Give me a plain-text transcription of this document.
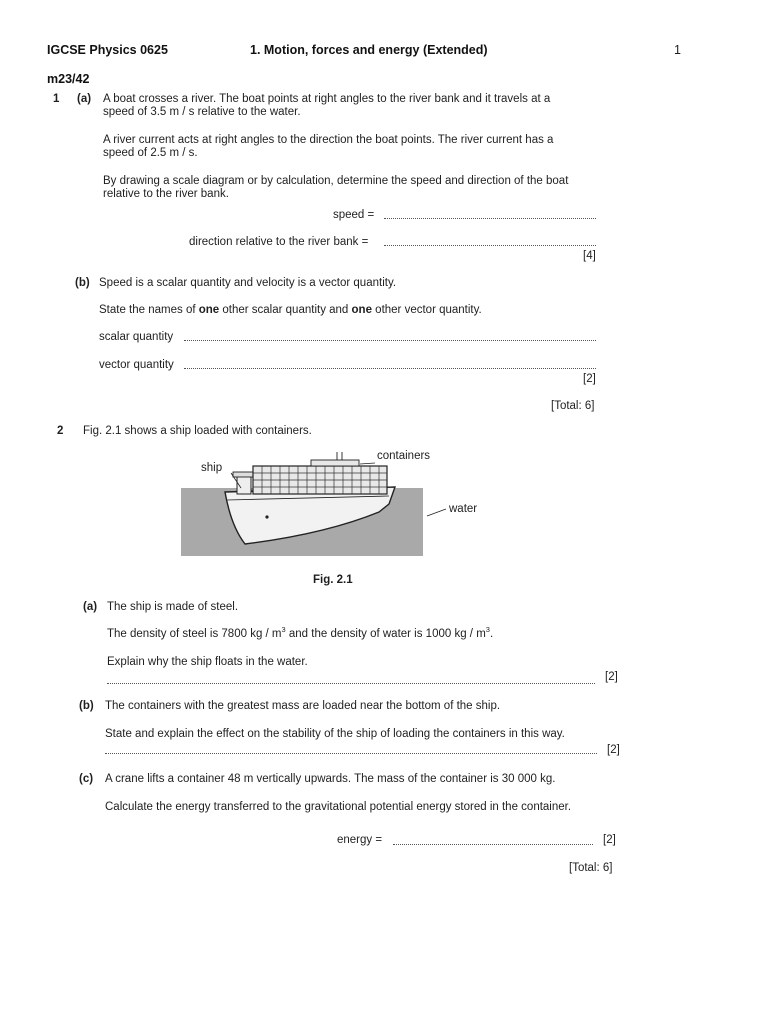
IGCSE Physics 0625	1. Motion, forces and energy (Extended)	1
m23/42
1 (a) A boat crosses a river. The boat points at right angles to the river bank and it travels at a
speed of 3.5 m / s relative to the water.
A river current acts at right angles to the direction the boat points. The river current has a
speed of 2.5 m / s.
By drawing a scale diagram or by calculation, determine the speed and direction of the boat
relative to the river bank.
speed =
direction relative to the river bank =
[4]
(b) Speed is a scalar quantity and velocity is a vector quantity.
State the names of one other scalar quantity and one other vector quantity.
scalar quantity
vector quantity
[2]
[Total: 6]
2 Fig. 2.1 shows a ship loaded with containers.
ship
containers
water
Fig. 2.1
(a) The ship is made of steel.
The density of steel is 7800 kg / $m^3$ and the density of water is 1000 kg / $m^3$.
Explain why the ship floats in the water.
[2]
(b) The containers with the greatest mass are loaded near the bottom of the ship.
State and explain the effect on the stability of the ship of loading the containers in this way.
[2]
(c) A crane lifts a container 48 m vertically upwards. The mass of the container is 30 000 kg.
Calculate the energy transferred to the gravitational potential energy stored in the container.
energy =	[2]
[Total: 6]
